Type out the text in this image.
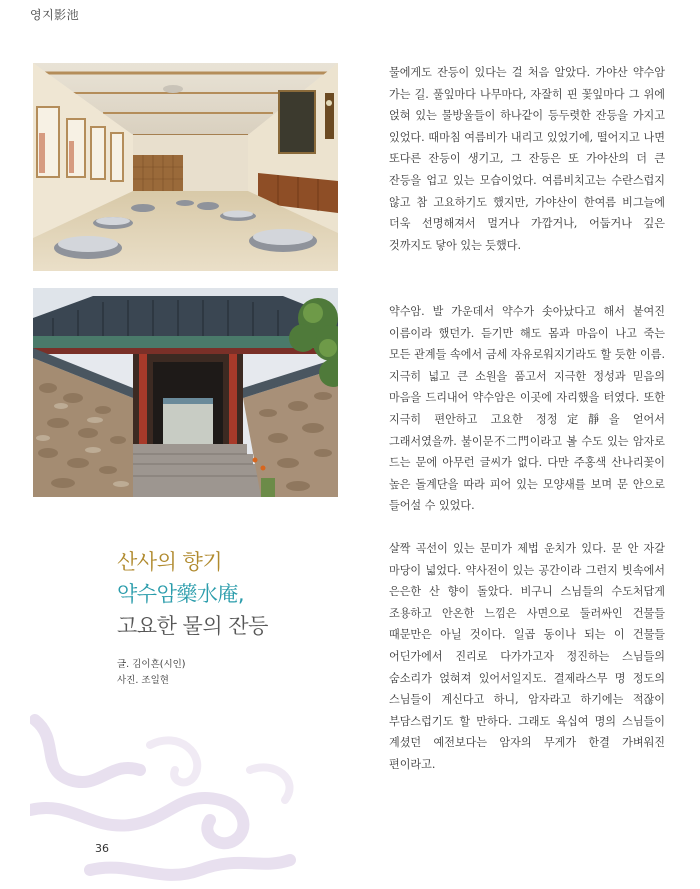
영지影池

물에게도 잔등이 있다는 걸 처음 알았다. 가야산 약수암 가는 길. 풀잎마다 나무마다, 자잘히 핀 꽃잎마다 그 위에 얹혀 있는 물방울들이 하나같이 등두렷한 잔등을 가지고 있었다. 때마침 여름비가 내리고 있었기에, 떨어지고 나면 또다른 잔등이 생기고, 그 잔등은 또 가야산의 더 큰 잔등을 업고 있는 모습이었다. 여름비치고는 수란스럽지 않고 참 고요하기도 했지만, 가야산이 한여름 비그늘에 더욱 선명해져서 멀거나 가깝거나, 어둡거나 깊은 것까지도 닿아 있는 듯했다.

약수암. 발 가운데서 약수가 솟아났다고 해서 붙여진 이름이라 했던가. 듣기만 해도 몸과 마음이 나고 죽는 모든 관계들 속에서 금세 자유로워지기라도 할 듯한 이름. 지극히 넓고 큰 소원을 품고서 지극한 정성과 믿음의 마음을 드리내어 약수암은 이곳에 자리했을 터였다. 또한 지극히 편안하고 고요한 정정定靜을 얻어서 그래서였을까. 불이문不二門이라고 볼 수도 있는 암자로 드는 문에 아무런 글씨가 없다. 다만 주홍색 산나리꽃이 높은 돌계단을 따라 피어 있는 모양새를 보며 문 안으로 들어설 수 있었다.

살짝 곡선이 있는 문미가 제법 운치가 있다. 문 안 자갈 마당이 넓었다. 약사전이 있는 공간이라 그런지 빗속에서 은은한 산 향이 돌았다. 비구니 스님들의 수도처답게 조용하고 안온한 느낌은 사면으로 둘러싸인 건물들 때문만은 아닐 것이다. 일곱 동이나 되는 이 건물들 어딘가에서 진리로 다가가고자 정진하는 스님들의 숨소리가 얹혀져 있어서일지도. 결제라스무 명 정도의 스님들이 계신다고 하니, 암자라고 하기에는 적잖이 부담스럽기도 할 만하다. 그래도 육십여 명의 스님들이 계셨던 예전보다는 암자의 무게가 한결 가벼워진 편이라고.

산사의 향기
약수암藥水庵,
고요한 물의 잔등
글. 김이흔(시인)
사진. 조일현
36
